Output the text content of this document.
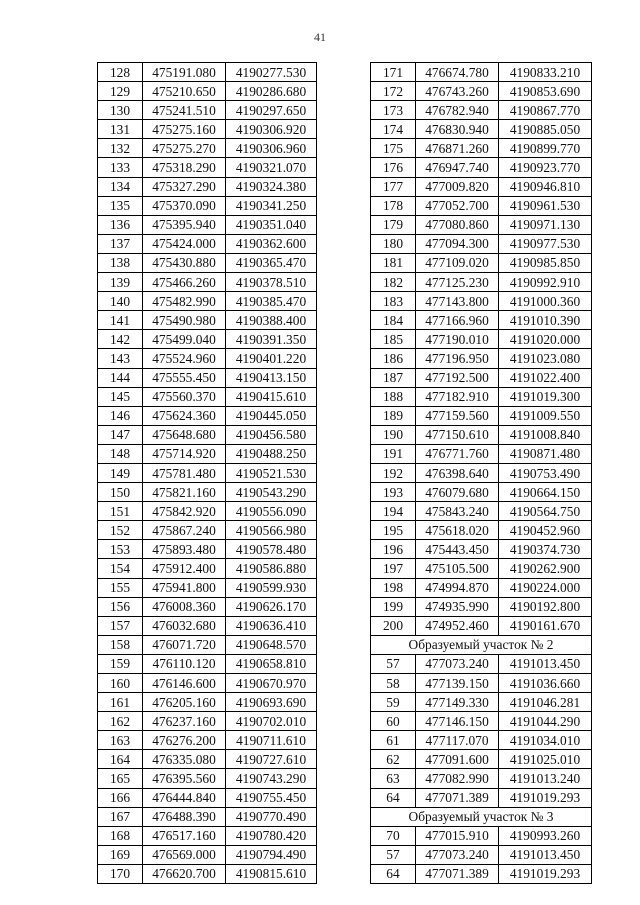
41
128	475191.080	4190277.530
129	475210.650	4190286.680
130	475241.510	4190297.650
131	475275.160	4190306.920
132	475275.270	4190306.960
133	475318.290	4190321.070
134	475327.290	4190324.380
135	475370.090	4190341.250
136	475395.940	4190351.040
137	475424.000	4190362.600
138	475430.880	4190365.470
139	475466.260	4190378.510
140	475482.990	4190385.470
141	475490.980	4190388.400
142	475499.040	4190391.350
143	475524.960	4190401.220
144	475555.450	4190413.150
145	475560.370	4190415.610
146	475624.360	4190445.050
147	475648.680	4190456.580
148	475714.920	4190488.250
149	475781.480	4190521.530
150	475821.160	4190543.290
151	475842.920	4190556.090
152	475867.240	4190566.980
153	475893.480	4190578.480
154	475912.400	4190586.880
155	475941.800	4190599.930
156	476008.360	4190626.170
157	476032.680	4190636.410
158	476071.720	4190648.570
159	476110.120	4190658.810
160	476146.600	4190670.970
161	476205.160	4190693.690
162	476237.160	4190702.010
163	476276.200	4190711.610
164	476335.080	4190727.610
165	476395.560	4190743.290
166	476444.840	4190755.450
167	476488.390	4190770.490
168	476517.160	4190780.420
169	476569.000	4190794.490
170	476620.700	4190815.610
171	476674.780	4190833.210
172	476743.260	4190853.690
173	476782.940	4190867.770
174	476830.940	4190885.050
175	476871.260	4190899.770
176	476947.740	4190923.770
177	477009.820	4190946.810
178	477052.700	4190961.530
179	477080.860	4190971.130
180	477094.300	4190977.530
181	477109.020	4190985.850
182	477125.230	4190992.910
183	477143.800	4191000.360
184	477166.960	4191010.390
185	477190.010	4191020.000
186	477196.950	4191023.080
187	477192.500	4191022.400
188	477182.910	4191019.300
189	477159.560	4191009.550
190	477150.610	4191008.840
191	476771.760	4190871.480
192	476398.640	4190753.490
193	476079.680	4190664.150
194	475843.240	4190564.750
195	475618.020	4190452.960
196	475443.450	4190374.730
197	475105.500	4190262.900
198	474994.870	4190224.000
199	474935.990	4190192.800
200	474952.460	4190161.670
Образуемый участок № 2		
57	477073.240	4191013.450
58	477139.150	4191036.660
59	477149.330	4191046.281
60	477146.150	4191044.290
61	477117.070	4191034.010
62	477091.600	4191025.010
63	477082.990	4191013.240
64	477071.389	4191019.293
Образуемый участок № 3		
70	477015.910	4190993.260
57	477073.240	4191013.450
64	477071.389	4191019.293
